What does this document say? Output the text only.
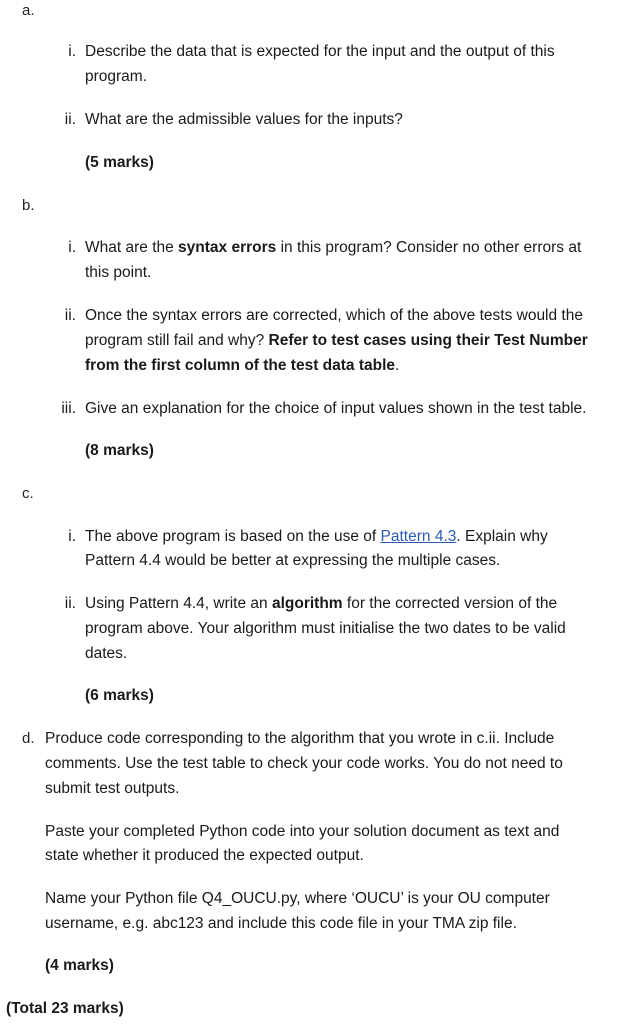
a.
i. Describe the data that is expected for the input and the output of this
program.
ii. What are the admissible values for the inputs?
(5 marks)
b.
i. What are the syntax errors in this program? Consider no other errors at
this point.
ii. Once the syntax errors are corrected, which of the above tests would the
program still fail and why? Refer to test cases using their Test Number
from the first column of the test data table.
iii. Give an explanation for the choice of input values shown in the test table.
(8 marks)
c.
i. The above program is based on the use of Pattern 4.3. Explain why
Pattern 4.4 would be better at expressing the multiple cases.
ii. Using Pattern 4.4, write an algorithm for the corrected version of the
program above. Your algorithm must initialise the two dates to be valid
dates.
(6 marks)
d. Produce code corresponding to the algorithm that you wrote in c.ii. Include
comments. Use the test table to check your code works. You do not need to
submit test outputs.
Paste your completed Python code into your solution document as text and
state whether it produced the expected output.
Name your Python file Q4_OUCU.py, where ‘OUCU’ is your OU computer
username, e.g. abc123 and include this code file in your TMA zip file.
(4 marks)
(Total 23 marks)
